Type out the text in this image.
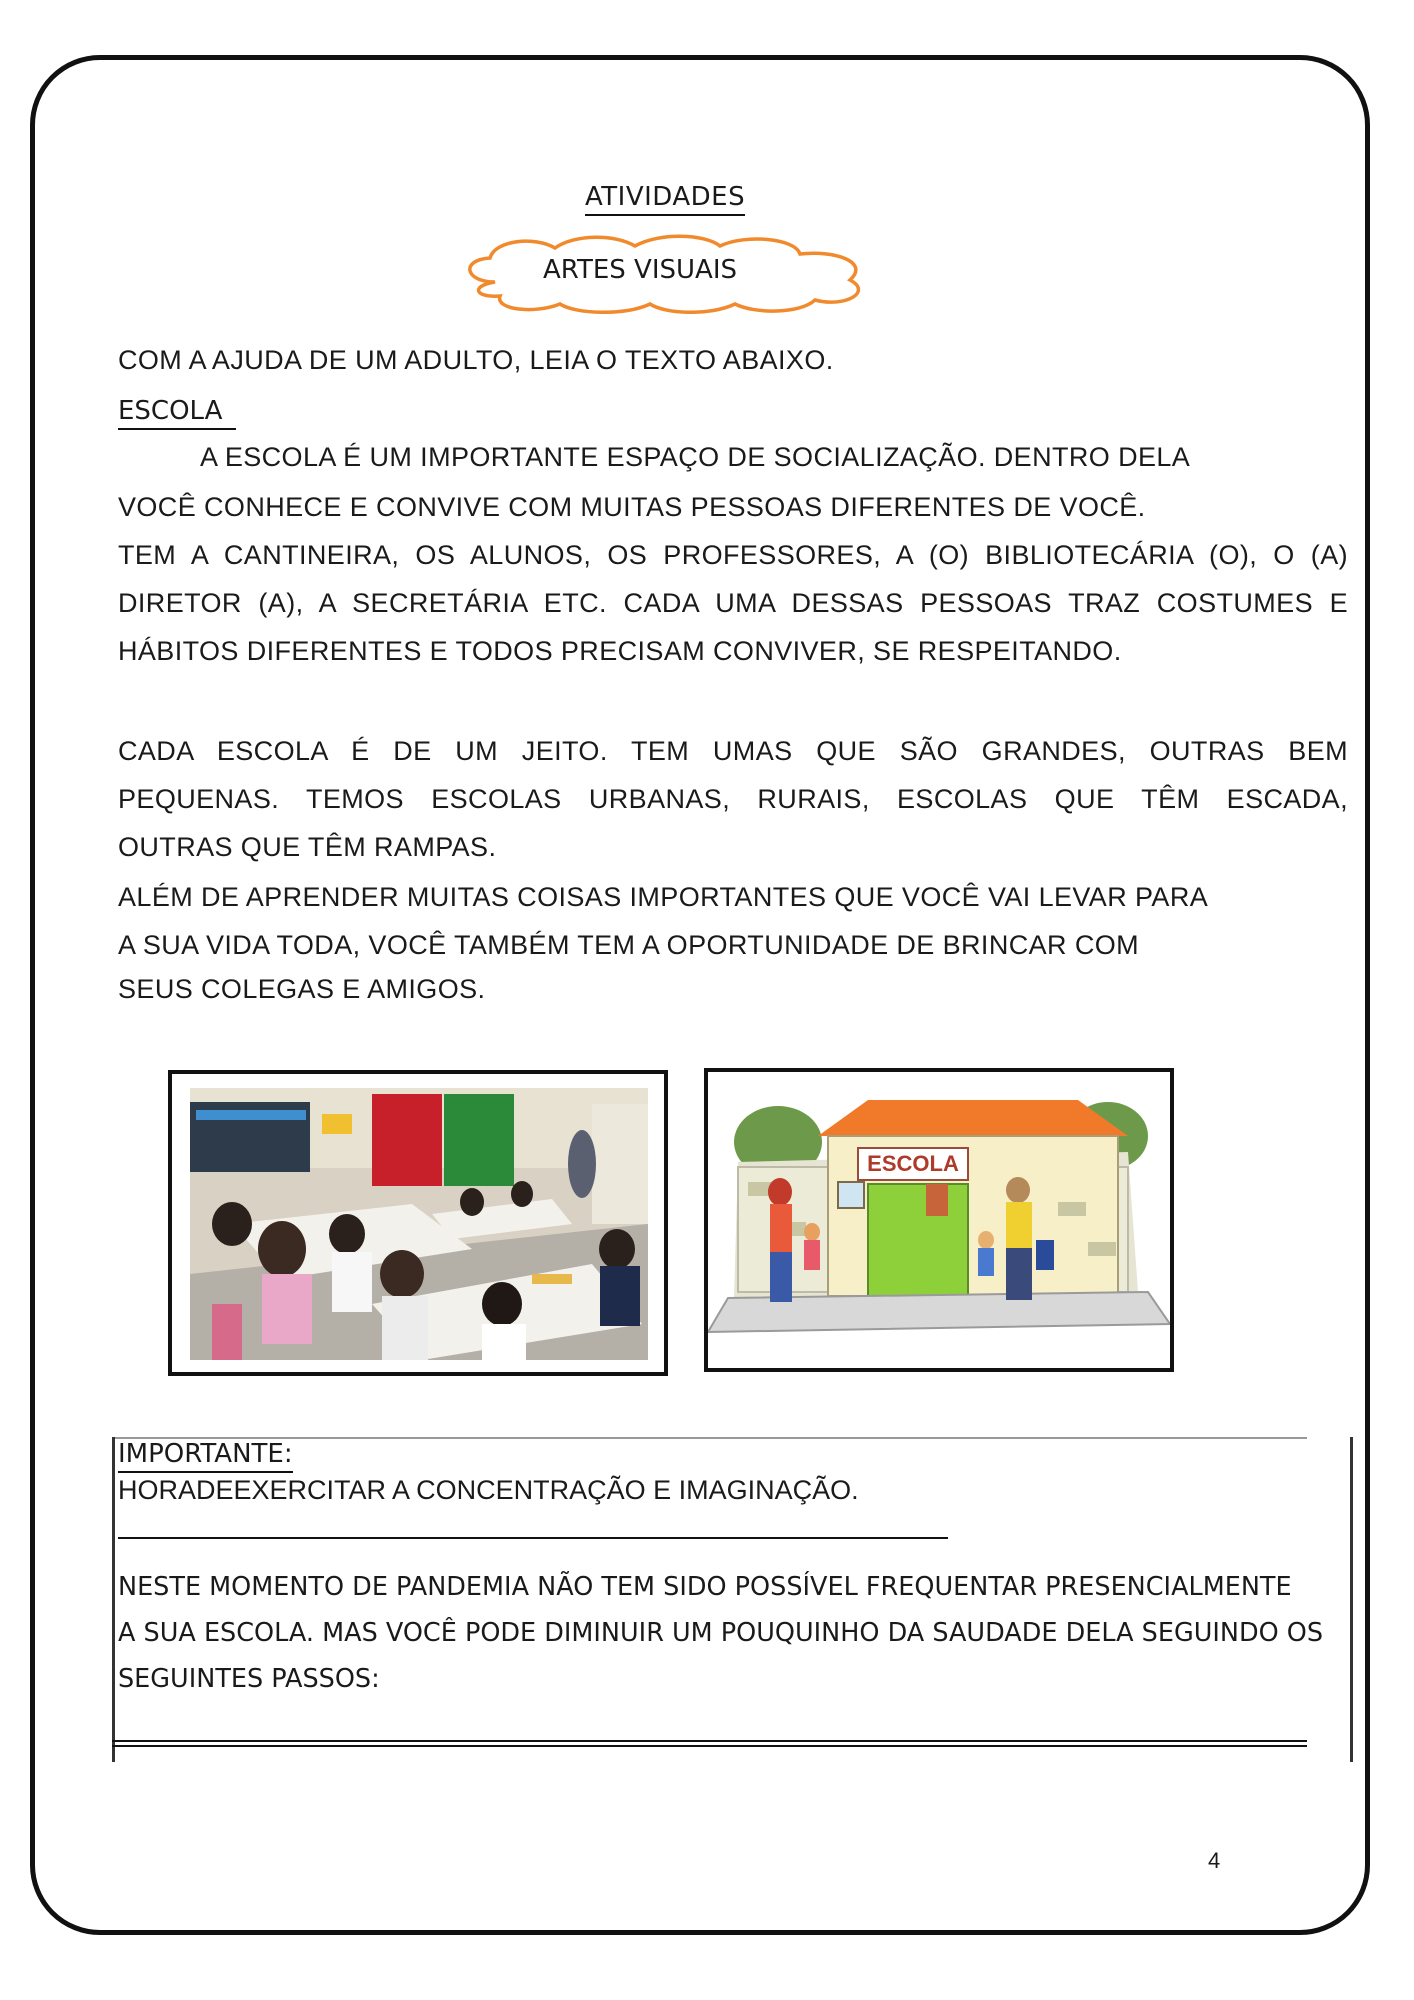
ATIVIDADES
ARTES VISUAIS
COM A AJUDA DE UM ADULTO, LEIA O TEXTO ABAIXO.
ESCOLA
A ESCOLA É UM IMPORTANTE ESPAÇO DE SOCIALIZAÇÃO. DENTRO DELA
VOCÊ CONHECE E CONVIVE COM MUITAS PESSOAS DIFERENTES DE VOCÊ.
TEM A CANTINEIRA, OS ALUNOS, OS PROFESSORES, A (O) BIBLIOTECÁRIA (O), O (A)
DIRETOR (A), A SECRETÁRIA ETC. CADA UMA DESSAS PESSOAS TRAZ COSTUMES E
HÁBITOS DIFERENTES E TODOS PRECISAM CONVIVER, SE RESPEITANDO.
CADA ESCOLA É DE UM JEITO. TEM UMAS QUE SÃO GRANDES, OUTRAS BEM
PEQUENAS. TEMOS ESCOLAS URBANAS, RURAIS, ESCOLAS QUE TÊM ESCADA,
OUTRAS QUE TÊM RAMPAS.
ALÉM DE APRENDER MUITAS COISAS IMPORTANTES QUE VOCÊ VAI LEVAR PARA
A SUA VIDA TODA, VOCÊ TAMBÉM TEM A OPORTUNIDADE DE BRINCAR COM
SEUS COLEGAS E AMIGOS.
ESCOLA
IMPORTANTE:
HORADEEXERCITAR A CONCENTRAÇÃO E IMAGINAÇÃO.
NESTE MOMENTO DE PANDEMIA NÃO TEM SIDO POSSÍVEL FREQUENTAR PRESENCIALMENTE
A SUA ESCOLA. MAS VOCÊ PODE DIMINUIR UM POUQUINHO DA SAUDADE DELA SEGUINDO OS
SEGUINTES PASSOS:
4
